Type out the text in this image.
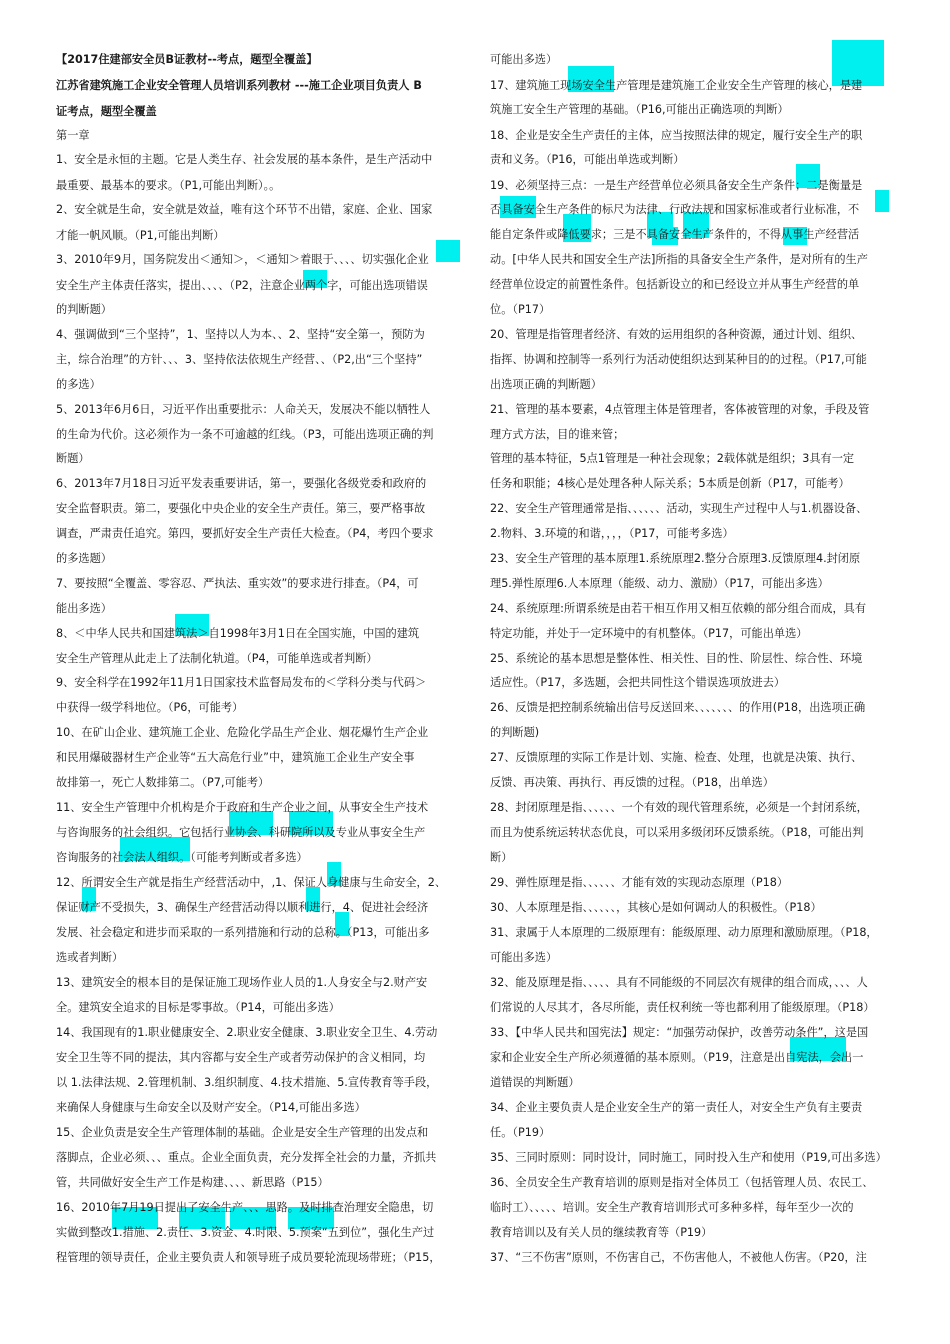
【2017住建部安全员B证教材--考点，题型全覆盖】
江苏省建筑施工企业安全管理人员培训系列教材 ---施工企业项目负责人 B
证考点，题型全覆盖
第一章
1、安全是永恒的主题。它是人类生存、社会发展的基本条件，是生产活动中
最重要、最基本的要求。（P1,可能出判断）。。
2、安全就是生命，安全就是效益，唯有这个环节不出错，家庭、企业、国家
才能一帆风顺。（P1,可能出判断）
3、2010年9月，国务院发出＜通知＞，＜通知＞着眼于、、、、切实强化企业
安全生产主体责任落实，提出、、、、（P2，注意企业两个字，可能出选项错误
的判断题）
4、强调做到“三个坚持”，1、坚持以人为本、、2、坚持“安全第一，预防为
主，综合治理”的方针、、、3、坚持依法依规生产经营、、（P2,出“三个坚持”
的多选）
5、2013年6月6日，习近平作出重要批示：人命关天，发展决不能以牺牲人
的生命为代价。这必须作为一条不可逾越的红线。（P3，可能出选项正确的判
断题）
6、2013年7月18日习近平发表重要讲话，第一，要强化各级党委和政府的
安全监督职责。第二，要强化中央企业的安全生产责任。第三，要严格事故
调查，严肃责任追究。第四，要抓好安全生产责任大检查。（P4，考四个要求
的多选题）
7、要按照“全覆盖、零容忍、严执法、重实效”的要求进行排查。（P4，可
能出多选）
8、＜中华人民共和国建筑法＞自1998年3月1日在全国实施，中国的建筑
安全生产管理从此走上了法制化轨道。（P4，可能单选或者判断）
9、安全科学在1992年11月1日国家技术监督局发布的＜学科分类与代码＞
中获得一级学科地位。（P6，可能考）
10、在矿山企业、建筑施工企业、危险化学品生产企业、烟花爆竹生产企业
和民用爆破器材生产企业等“五大高危行业”中，建筑施工企业生产安全事
故排第一，死亡人数排第二。（P7,可能考）
11、安全生产管理中介机构是介于政府和生产企业之间，从事安全生产技术
与咨询服务的社会组织。它包括行业协会、科研院所以及专业从事安全生产
咨询服务的社会法人组织。（可能考判断或者多选）
12、所谓安全生产就是指生产经营活动中，,1、保证人身健康与生命安全，2、
保证财产不受损失，3、确保生产经营活动得以顺利进行，4、促进社会经济
发展、社会稳定和进步而采取的一系列措施和行动的总称。（P13，可能出多
选或者判断）
13、建筑安全的根本目的是保证施工现场作业人员的1.人身安全与2.财产安
全。建筑安全追求的目标是零事故。（P14，可能出多选）
14、我国现有的1.职业健康安全、2.职业安全健康、3.职业安全卫生、4.劳动
安全卫生等不同的提法，其内容都与安全生产或者劳动保护的含义相同，均
以 1.法律法规、2.管理机制、3.组织制度、4.技术措施、5.宣传教育等手段，
来确保人身健康与生命安全以及财产安全。（P14,可能出多选）
15、企业负责是安全生产管理体制的基础。企业是安全生产管理的出发点和
落脚点，企业必须、、、重点。企业全面负责，充分发挥全社会的力量，齐抓共
管，共同做好安全生产工作是构建、、、、新思路（P15）
16、2010年7月19日提出了安全生产、、、思路。及时排查治理安全隐患，切
实做到整改1.措施、2.责任、3.资金、4.时限、5.预案“五到位”，强化生产过
程管理的领导责任，企业主要负责人和领导班子成员要轮流现场带班；（P15，
可能出多选）
17、建筑施工现场安全生产管理是建筑施工企业安全生产管理的核心，是建
筑施工安全生产管理的基础。（P16,可能出正确选项的判断）
18、企业是安全生产责任的主体，应当按照法律的规定，履行安全生产的职
责和义务。（P16，可能出单选或判断）
19、必须坚持三点：一是生产经营单位必须具备安全生产条件；二是衡量是
否具备安全生产条件的标尺为法律、行政法规和国家标准或者行业标准，不
能自定条件或降低要求；三是不具备安全生产条件的，不得从事生产经营活
动。[中华人民共和国安全生产法]所指的具备安全生产条件，是对所有的生产
经营单位设定的前置性条件。包括新设立的和已经设立并从事生产经营的单
位。（P17）
20、管理是指管理者经济、有效的运用组织的各种资源，通过计划、组织、
指挥、协调和控制等一系列行为活动使组织达到某种目的的过程。（P17,可能
出选项正确的判断题）
21、管理的基本要素，4点管理主体是管理者，客体被管理的对象，手段及管
理方式方法，目的谁来管；
管理的基本特征，5点1管理是一种社会现象；2载体就是组织；3具有一定
任务和职能；4核心是处理各种人际关系；5本质是创新（P17，可能考）
22、安全生产管理通常是指、、、、、、活动，实现生产过程中人与1.机器设备、
2.物料、3.环境的和谐，，，，（P17，可能考多选）
23、安全生产管理的基本原理1.系统原理2.整分合原理3.反馈原理4.封闭原
理5.弹性原理6.人本原理（能级、动力、激励）（P17，可能出多选）
24、系统原理:所谓系统是由若干相互作用又相互依赖的部分组合而成，具有
特定功能，并处于一定环境中的有机整体。（P17，可能出单选）
25、系统论的基本思想是整体性、相关性、目的性、阶层性、综合性、环境
适应性。（P17，多选题，会把共同性这个错误选项放进去）
26、反馈是把控制系统输出信号反送回来、、、、、、、的作用(P18，出选项正确
的判断题)
27、反馈原理的实际工作是计划、实施、检查、处理，也就是决策、执行、
反馈、再决策、再执行、再反馈的过程。（P18，出单选）
28、封闭原理是指、、、、、、一个有效的现代管理系统，必须是一个封闭系统，
而且为使系统运转状态优良，可以采用多级闭环反馈系统。（P18，可能出判
断）
29、弹性原理是指、、、、、、才能有效的实现动态原理（P18）
30、人本原理是指、、、、、、，其核心是如何调动人的积极性。（P18）
31、隶属于人本原理的二级原理有：能级原理、动力原理和激励原理。（P18，
可能出多选）
32、能及原理是指、、、、、具有不同能级的不同层次有规律的组合而成，、、、人
们常说的人尽其才，各尽所能，责任权利统一等也都利用了能级原理。（P18）
33、【中华人民共和国宪法】规定：“加强劳动保护，改善劳动条件”，这是国
家和企业安全生产所必须遵循的基本原则。（P19，注意是出自宪法，会出一
道错误的判断题）
34、企业主要负责人是企业安全生产的第一责任人，对安全生产负有主要责
任。（P19）
35、三同时原则：同时设计，同时施工，同时投入生产和使用（P19,可出多选）
36、全员安全生产教育培训的原则是指对全体员工（包括管理人员、农民工、
临时工）、、、、、培训。安全生产教育培训形式可多种多样，每年至少一次的
教育培训以及有关人员的继续教育等（P19）
37、“三不伤害”原则，不伤害自己，不伤害他人，不被他人伤害。（P20，注
